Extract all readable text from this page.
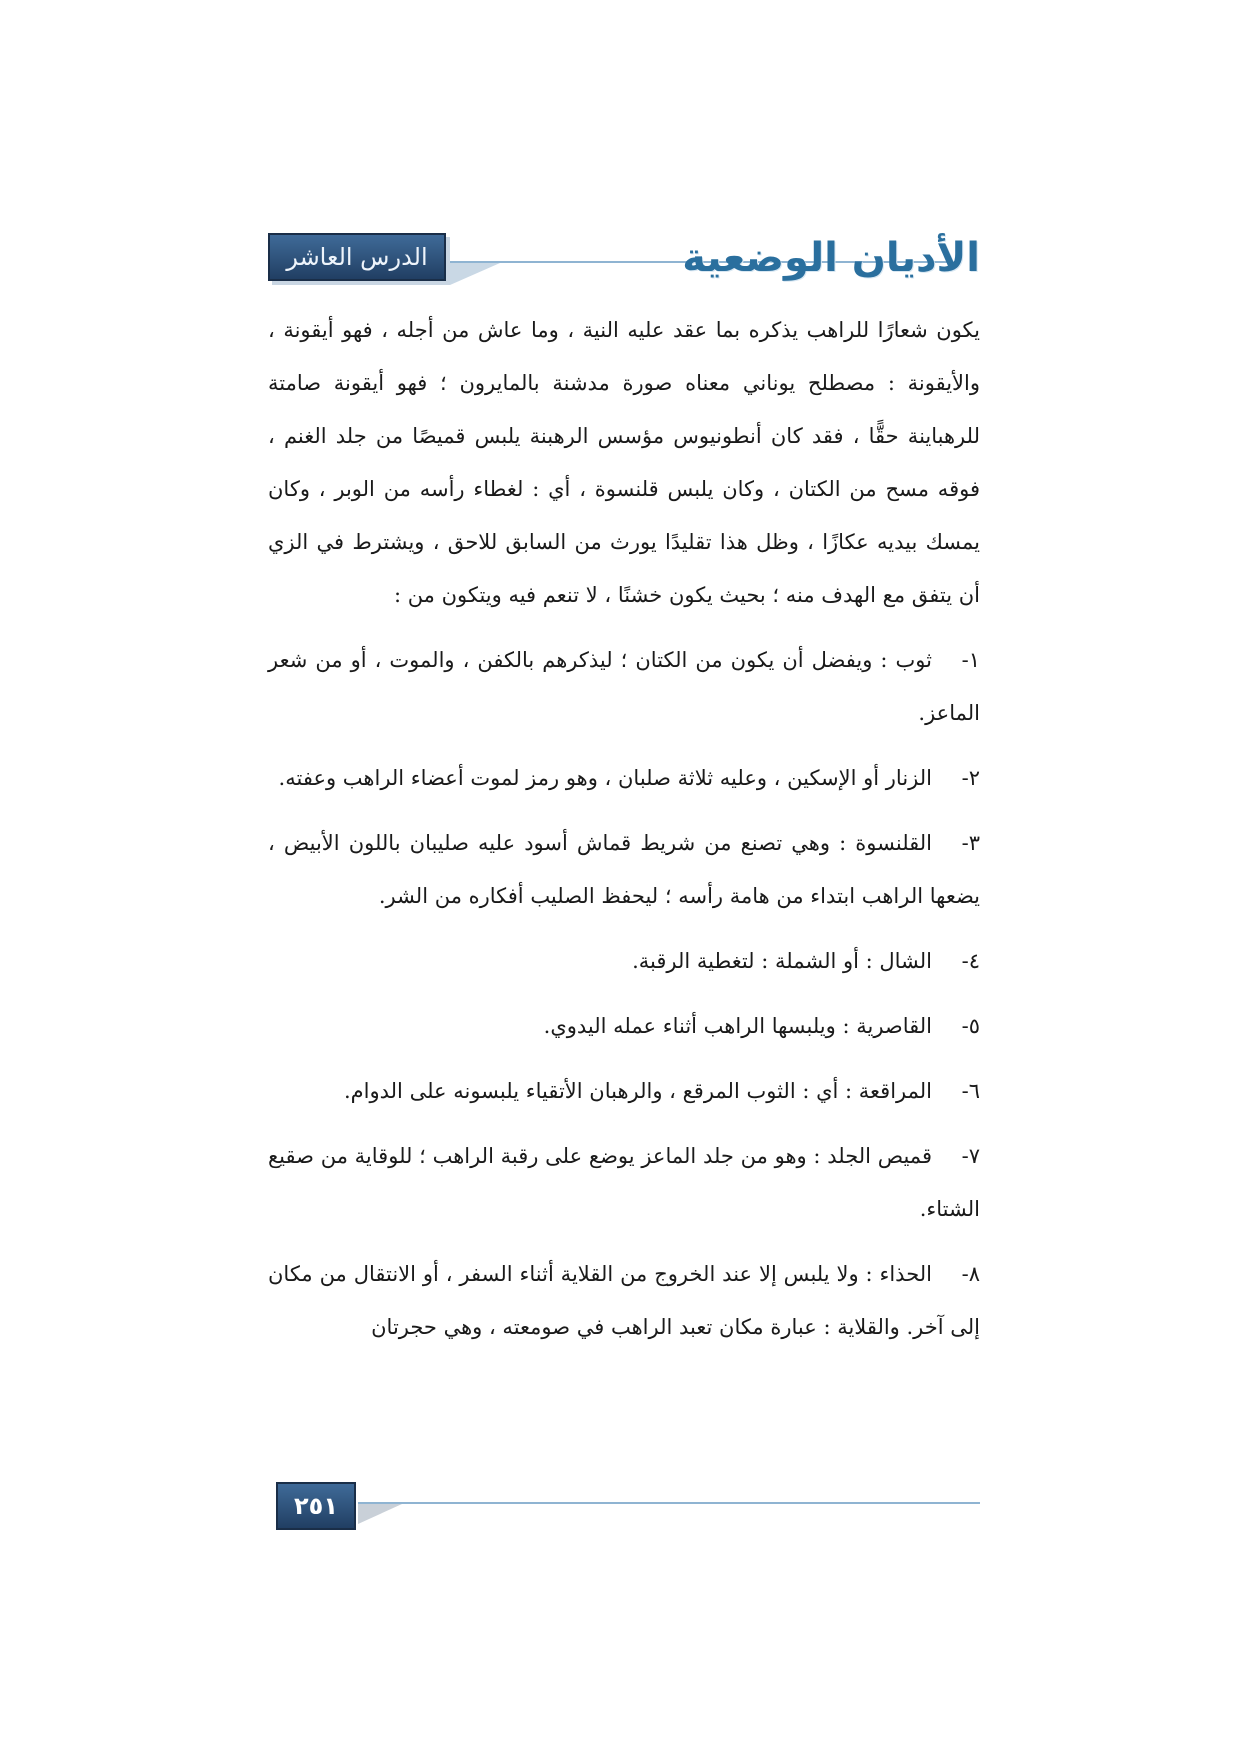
الدرس العاشر	الأديان الوضعية

يكون شعارًا للراهب يذكره بما عقد عليه النية ، وما عاش من أجله ، فهو أيقونة ، والأيقونة : مصطلح يوناني معناه صورة مدشنة بالمايرون ؛ فهو أيقونة صامتة للرهباينة حقًّا ، فقد كان أنطونيوس مؤسس الرهبنة يلبس قميصًا من جلد الغنم ، فوقه مسح من الكتان ، وكان يلبس قلنسوة ، أي : لغطاء رأسه من الوبر ، وكان يمسك بيديه عكازًا ، وظل هذا تقليدًا يورث من السابق للاحق ، ويشترط في الزي أن يتفق مع الهدف منه ؛ بحيث يكون خشنًا ، لا تنعم فيه ويتكون من :

١-ثوب : ويفضل أن يكون من الكتان ؛ ليذكرهم بالكفن ، والموت ، أو من شعر الماعز.

٢-الزنار أو الإسكين ، وعليه ثلاثة صلبان ، وهو رمز لموت أعضاء الراهب وعفته.

٣-القلنسوة : وهي تصنع من شريط قماش أسود عليه صليبان باللون الأبيض ، يضعها الراهب ابتداء من هامة رأسه ؛ ليحفظ الصليب أفكاره من الشر.

٤-الشال : أو الشملة : لتغطية الرقبة.

٥-القاصرية : ويلبسها الراهب أثناء عمله اليدوي.

٦-المراقعة : أي : الثوب المرقع ، والرهبان الأتقياء يلبسونه على الدوام.

٧-قميص الجلد : وهو من جلد الماعز يوضع على رقبة الراهب ؛ للوقاية من صقيع الشتاء.

٨-الحذاء : ولا يلبس إلا عند الخروج من القلاية أثناء السفر ، أو الانتقال من مكان إلى آخر. والقلاية : عبارة مكان تعبد الراهب في صومعته ، وهي حجرتان

٢٥١
